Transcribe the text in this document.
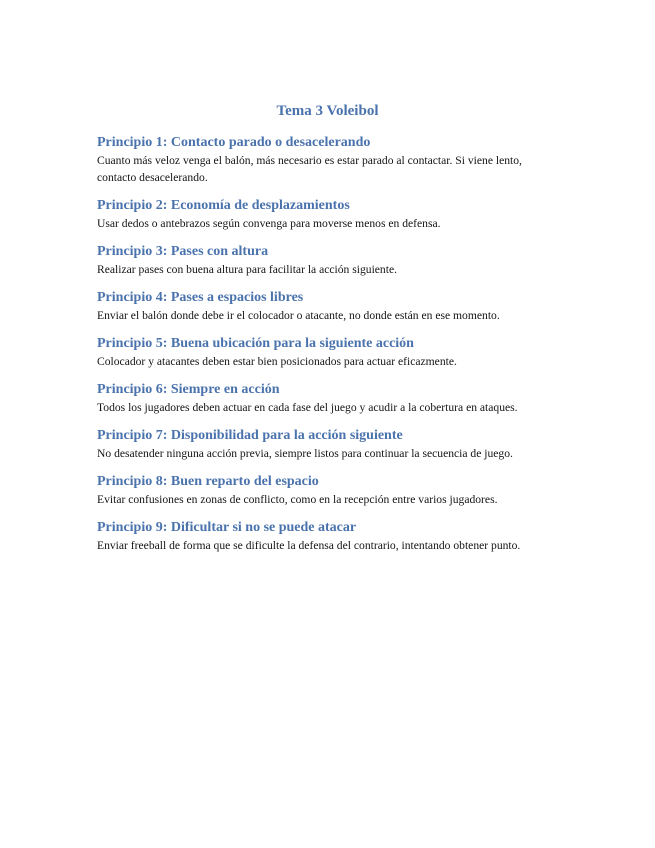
Tema 3 Voleibol
Principio 1: Contacto parado o desacelerando

Cuanto más veloz venga el balón, más necesario es estar parado al contactar. Si viene lento, contacto desacelerando.

Principio 2: Economía de desplazamientos

Usar dedos o antebrazos según convenga para moverse menos en defensa.

Principio 3: Pases con altura

Realizar pases con buena altura para facilitar la acción siguiente.

Principio 4: Pases a espacios libres

Enviar el balón donde debe ir el colocador o atacante, no donde están en ese momento.

Principio 5: Buena ubicación para la siguiente acción

Colocador y atacantes deben estar bien posicionados para actuar eficazmente.

Principio 6: Siempre en acción

Todos los jugadores deben actuar en cada fase del juego y acudir a la cobertura en ataques.

Principio 7: Disponibilidad para la acción siguiente

No desatender ninguna acción previa, siempre listos para continuar la secuencia de juego.

Principio 8: Buen reparto del espacio

Evitar confusiones en zonas de conflicto, como en la recepción entre varios jugadores.

Principio 9: Dificultar si no se puede atacar

Enviar freeball de forma que se dificulte la defensa del contrario, intentando obtener punto.
